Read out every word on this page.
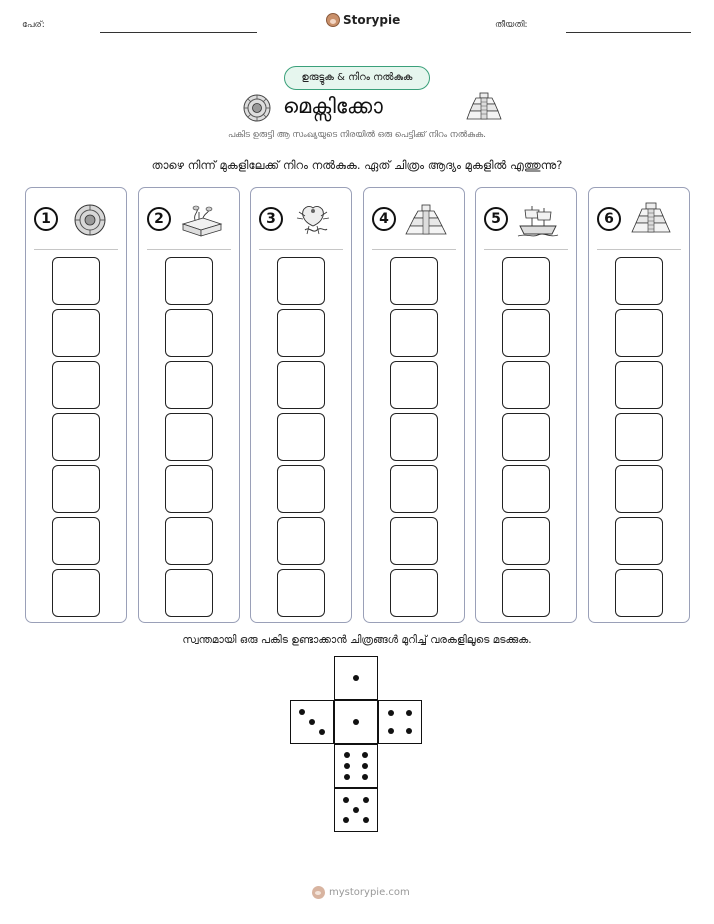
പേര്:	Storypie	തീയതി:
ഉരുട്ടുക & നിറം നൽകുക
മെക്സിക്കോ
പകിട ഉരുട്ടി ആ സംഖ്യയുടെ നിരയിൽ ഒരു പെട്ടിക്ക് നിറം നൽകുക.
താഴെ നിന്ന് മുകളിലേക്ക് നിറം നൽകുക. ഏത് ചിത്രം ആദ്യം മുകളിൽ എത്തുന്നു?
1	2	3	4	5	6
സ്വന്തമായി ഒരു പകിട ഉണ്ടാക്കാൻ ചിത്രങ്ങൾ മുറിച്ച് വരകളിലൂടെ മടക്കുക.
mystorypie.com
